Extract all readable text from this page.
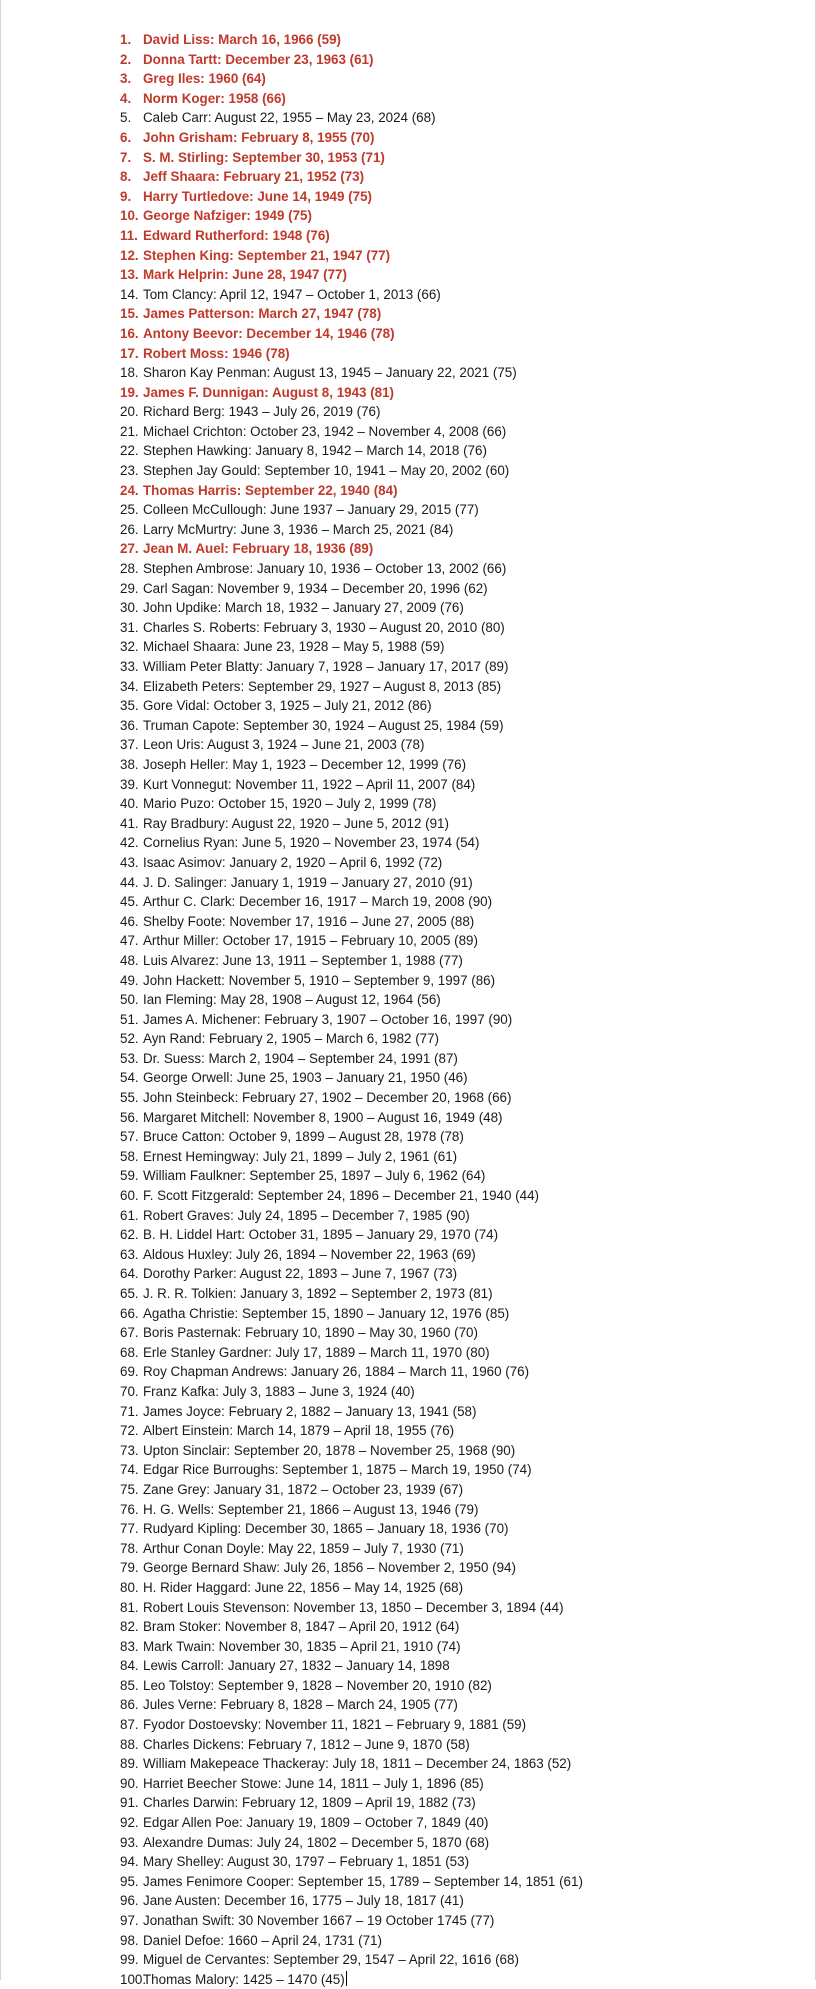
1. David Liss: March 16, 1966 (59)
2. Donna Tartt: December 23, 1963 (61)
3. Greg Iles: 1960 (64)
4. Norm Koger: 1958 (66)
5. Caleb Carr: August 22, 1955 – May 23, 2024 (68)
6. John Grisham: February 8, 1955 (70)
7. S. M. Stirling: September 30, 1953 (71)
8. Jeff Shaara: February 21, 1952 (73)
9. Harry Turtledove: June 14, 1949 (75)
10. George Nafziger: 1949 (75)
11. Edward Rutherford: 1948 (76)
12. Stephen King: September 21, 1947 (77)
13. Mark Helprin: June 28, 1947 (77)
14. Tom Clancy: April 12, 1947 – October 1, 2013 (66)
15. James Patterson: March 27, 1947 (78)
16. Antony Beevor: December 14, 1946 (78)
17. Robert Moss: 1946 (78)
18. Sharon Kay Penman: August 13, 1945 – January 22, 2021 (75)
19. James F. Dunnigan: August 8, 1943 (81)
20. Richard Berg: 1943 – July 26, 2019 (76)
21. Michael Crichton: October 23, 1942 – November 4, 2008 (66)
22. Stephen Hawking: January 8, 1942 – March 14, 2018 (76)
23. Stephen Jay Gould: September 10, 1941 – May 20, 2002 (60)
24. Thomas Harris: September 22, 1940 (84)
25. Colleen McCullough: June 1937 – January 29, 2015 (77)
26. Larry McMurtry: June 3, 1936 – March 25, 2021 (84)
27. Jean M. Auel: February 18, 1936 (89)
28. Stephen Ambrose: January 10, 1936 – October 13, 2002 (66)
29. Carl Sagan: November 9, 1934 – December 20, 1996 (62)
30. John Updike: March 18, 1932 – January 27, 2009 (76)
31. Charles S. Roberts: February 3, 1930 – August 20, 2010 (80)
32. Michael Shaara: June 23, 1928 – May 5, 1988 (59)
33. William Peter Blatty: January 7, 1928 – January 17, 2017 (89)
34. Elizabeth Peters: September 29, 1927 – August 8, 2013 (85)
35. Gore Vidal: October 3, 1925 – July 21, 2012 (86)
36. Truman Capote: September 30, 1924 – August 25, 1984 (59)
37. Leon Uris: August 3, 1924 – June 21, 2003 (78)
38. Joseph Heller: May 1, 1923 – December 12, 1999 (76)
39. Kurt Vonnegut: November 11, 1922 – April 11, 2007 (84)
40. Mario Puzo: October 15, 1920 – July 2, 1999 (78)
41. Ray Bradbury: August 22, 1920 – June 5, 2012 (91)
42. Cornelius Ryan: June 5, 1920 – November 23, 1974 (54)
43. Isaac Asimov: January 2, 1920 – April 6, 1992 (72)
44. J. D. Salinger: January 1, 1919 – January 27, 2010 (91)
45. Arthur C. Clark: December 16, 1917 – March 19, 2008 (90)
46. Shelby Foote: November 17, 1916 – June 27, 2005 (88)
47. Arthur Miller: October 17, 1915 – February 10, 2005 (89)
48. Luis Alvarez: June 13, 1911 – September 1, 1988 (77)
49. John Hackett: November 5, 1910 – September 9, 1997 (86)
50. Ian Fleming: May 28, 1908 – August 12, 1964 (56)
51. James A. Michener: February 3, 1907 – October 16, 1997 (90)
52. Ayn Rand: February 2, 1905 – March 6, 1982 (77)
53. Dr. Suess: March 2, 1904 – September 24, 1991 (87)
54. George Orwell: June 25, 1903 – January 21, 1950 (46)
55. John Steinbeck: February 27, 1902 – December 20, 1968 (66)
56. Margaret Mitchell: November 8, 1900 – August 16, 1949 (48)
57. Bruce Catton: October 9, 1899 – August 28, 1978 (78)
58. Ernest Hemingway: July 21, 1899 – July 2, 1961 (61)
59. William Faulkner: September 25, 1897 – July 6, 1962 (64)
60. F. Scott Fitzgerald: September 24, 1896 – December 21, 1940 (44)
61. Robert Graves: July 24, 1895 – December 7, 1985 (90)
62. B. H. Liddel Hart: October 31, 1895 – January 29, 1970 (74)
63. Aldous Huxley: July 26, 1894 – November 22, 1963 (69)
64. Dorothy Parker: August 22, 1893 – June 7, 1967 (73)
65. J. R. R. Tolkien: January 3, 1892 – September 2, 1973 (81)
66. Agatha Christie: September 15, 1890 – January 12, 1976 (85)
67. Boris Pasternak: February 10, 1890 – May 30, 1960 (70)
68. Erle Stanley Gardner: July 17, 1889 – March 11, 1970 (80)
69. Roy Chapman Andrews: January 26, 1884 – March 11, 1960 (76)
70. Franz Kafka: July 3, 1883 – June 3, 1924 (40)
71. James Joyce: February 2, 1882 – January 13, 1941 (58)
72. Albert Einstein: March 14, 1879 – April 18, 1955 (76)
73. Upton Sinclair: September 20, 1878 – November 25, 1968 (90)
74. Edgar Rice Burroughs: September 1, 1875 – March 19, 1950 (74)
75. Zane Grey: January 31, 1872 – October 23, 1939 (67)
76. H. G. Wells: September 21, 1866 – August 13, 1946 (79)
77. Rudyard Kipling: December 30, 1865 – January 18, 1936 (70)
78. Arthur Conan Doyle: May 22, 1859 – July 7, 1930 (71)
79. George Bernard Shaw: July 26, 1856 – November 2, 1950 (94)
80. H. Rider Haggard: June 22, 1856 – May 14, 1925 (68)
81. Robert Louis Stevenson: November 13, 1850 – December 3, 1894 (44)
82. Bram Stoker: November 8, 1847 – April 20, 1912 (64)
83. Mark Twain: November 30, 1835 – April 21, 1910 (74)
84. Lewis Carroll: January 27, 1832 – January 14, 1898
85. Leo Tolstoy: September 9, 1828 – November 20, 1910 (82)
86. Jules Verne: February 8, 1828 – March 24, 1905 (77)
87. Fyodor Dostoevsky: November 11, 1821 – February 9, 1881 (59)
88. Charles Dickens: February 7, 1812 – June 9, 1870 (58)
89. William Makepeace Thackeray: July 18, 1811 – December 24, 1863 (52)
90. Harriet Beecher Stowe: June 14, 1811 – July 1, 1896 (85)
91. Charles Darwin: February 12, 1809 – April 19, 1882 (73)
92. Edgar Allen Poe: January 19, 1809 – October 7, 1849 (40)
93. Alexandre Dumas: July 24, 1802 – December 5, 1870 (68)
94. Mary Shelley: August 30, 1797 – February 1, 1851 (53)
95. James Fenimore Cooper: September 15, 1789 – September 14, 1851 (61)
96. Jane Austen: December 16, 1775 – July 18, 1817 (41)
97. Jonathan Swift: 30 November 1667 – 19 October 1745 (77)
98. Daniel Defoe: 1660 – April 24, 1731 (71)
99. Miguel de Cervantes: September 29, 1547 – April 22, 1616 (68)
100.Thomas Malory: 1425 – 1470 (45)
